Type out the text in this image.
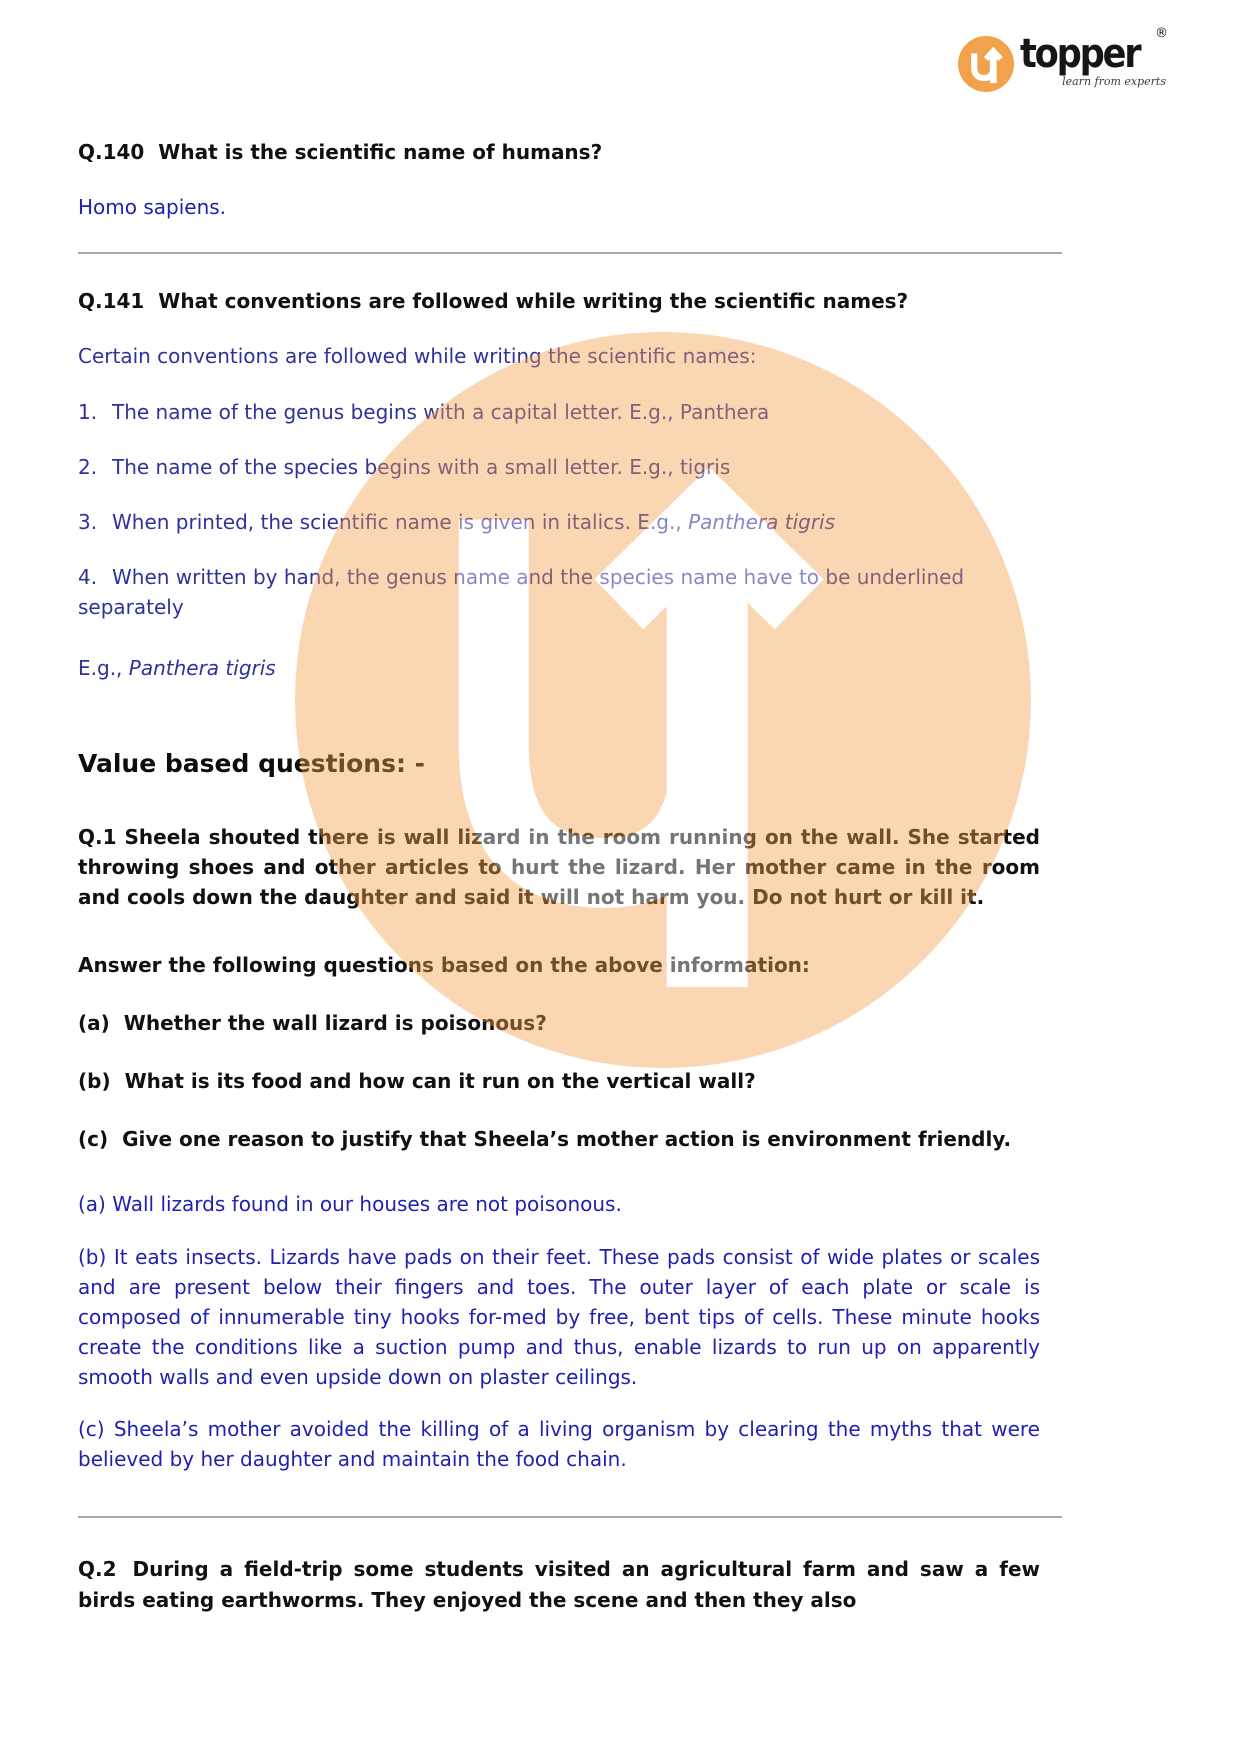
topper ®
learn from experts

Q.140  What is the scientific name of humans?

Homo sapiens.

Q.141  What conventions are followed while writing the scientific names?

Certain conventions are followed while writing the scientific names:

1. The name of the genus begins with a capital letter. E.g., Panthera

2. The name of the species begins with a small letter. E.g., tigris

3. When printed, the scientific name is given in italics. E.g., Panthera tigris

4. When written by hand, the genus name and the species name have to be underlined separately

E.g., Panthera tigris

Value based questions: -

Q.1 Sheela shouted there is wall lizard in the room running on the wall. She started throwing shoes and other articles to hurt the lizard. Her mother came in the room and cools down the daughter and said it will not harm you. Do not hurt or kill it.

Answer the following questions based on the above information:

(a) Whether the wall lizard is poisonous?

(b) What is its food and how can it run on the vertical wall?

(c) Give one reason to justify that Sheela’s mother action is environment friendly.

(a) Wall lizards found in our houses are not poisonous.

(b) It eats insects. Lizards have pads on their feet. These pads consist of wide plates or scales and are present below their fingers and toes. The outer layer of each plate or scale is composed of innumerable tiny hooks for-med by free, bent tips of cells. These minute hooks create the conditions like a suction pump and thus, enable lizards to run up on apparently smooth walls and even upside down on plaster ceilings.

(c) Sheela’s mother avoided the killing of a living organism by clearing the myths that were believed by her daughter and maintain the food chain.

Q.2 During a field-trip some students visited an agricultural farm and saw a few birds eating earthworms. They enjoyed the scene and then they also
